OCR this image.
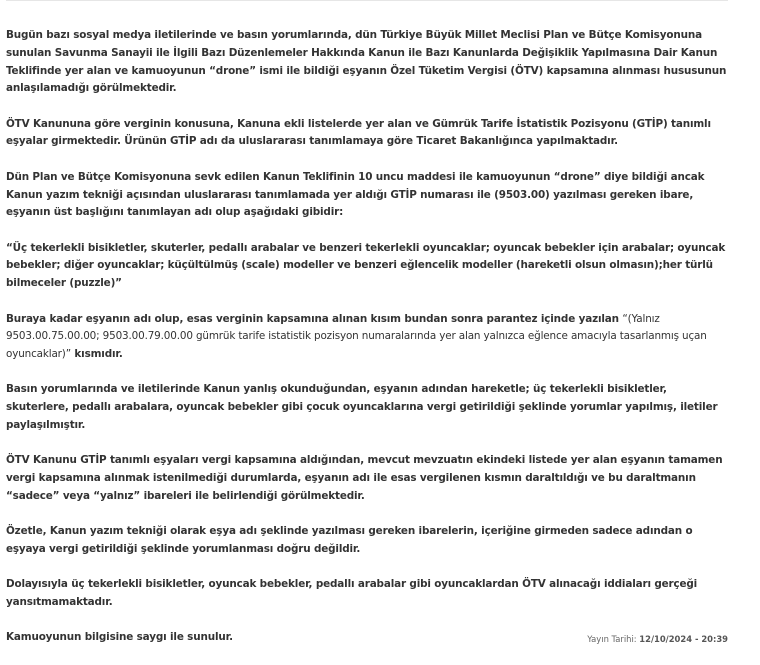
Bugün bazı sosyal medya iletilerinde ve basın yorumlarında, dün Türkiye Büyük Millet Meclisi Plan ve Bütçe Komisyonuna sunulan Savunma Sanayii ile İlgili Bazı Düzenlemeler Hakkında Kanun ile Bazı Kanunlarda Değişiklik Yapılmasına Dair Kanun Teklifinde yer alan ve kamuoyunun “drone” ismi ile bildiği eşyanın Özel Tüketim Vergisi (ÖTV) kapsamına alınması hususunun anlaşılamadığı görülmektedir.

ÖTV Kanununa göre verginin konusuna, Kanuna ekli listelerde yer alan ve Gümrük Tarife İstatistik Pozisyonu (GTİP) tanımlı eşyalar girmektedir. Ürünün GTİP adı da uluslararası tanımlamaya göre Ticaret Bakanlığınca yapılmaktadır.

Dün Plan ve Bütçe Komisyonuna sevk edilen Kanun Teklifinin 10 uncu maddesi ile kamuoyunun “drone” diye bildiği ancak Kanun yazım tekniği açısından uluslararası tanımlamada yer aldığı GTİP numarası ile (9503.00) yazılması gereken ibare, eşyanın üst başlığını tanımlayan adı olup aşağıdaki gibidir:

“Üç tekerlekli bisikletler, skuterler, pedallı arabalar ve benzeri tekerlekli oyuncaklar; oyuncak bebekler için arabalar; oyuncak bebekler; diğer oyuncaklar; küçültülmüş (scale) modeller ve benzeri eğlencelik modeller (hareketli olsun olmasın);her türlü bilmeceler (puzzle)”

Buraya kadar eşyanın adı olup, esas verginin kapsamına alınan kısım bundan sonra parantez içinde yazılan “(Yalnız 9503.00.75.00.00; 9503.00.79.00.00 gümrük tarife istatistik pozisyon numaralarında yer alan yalnızca eğlence amacıyla tasarlanmış uçan oyuncaklar)” kısmıdır.

Basın yorumlarında ve iletilerinde Kanun yanlış okunduğundan, eşyanın adından hareketle; üç tekerlekli bisikletler, skuterlere, pedallı arabalara, oyuncak bebekler gibi çocuk oyuncaklarına vergi getirildiği şeklinde yorumlar yapılmış, iletiler paylaşılmıştır.

ÖTV Kanunu GTİP tanımlı eşyaları vergi kapsamına aldığından, mevcut mevzuatın ekindeki listede yer alan eşyanın tamamen vergi kapsamına alınmak istenilmediği durumlarda, eşyanın adı ile esas vergilenen kısmın daraltıldığı ve bu daraltmanın “sadece” veya “yalnız” ibareleri ile belirlendiği görülmektedir.

Özetle, Kanun yazım tekniği olarak eşya adı şeklinde yazılması gereken ibarelerin, içeriğine girmeden sadece adından o eşyaya vergi getirildiği şeklinde yorumlanması doğru değildir.

Dolayısıyla üç tekerlekli bisikletler, oyuncak bebekler, pedallı arabalar gibi oyuncaklardan ÖTV alınacağı iddiaları gerçeği yansıtmamaktadır.

Kamuoyunun bilgisine saygı ile sunulur.	Yayın Tarihi: 12/10/2024 - 20:39
